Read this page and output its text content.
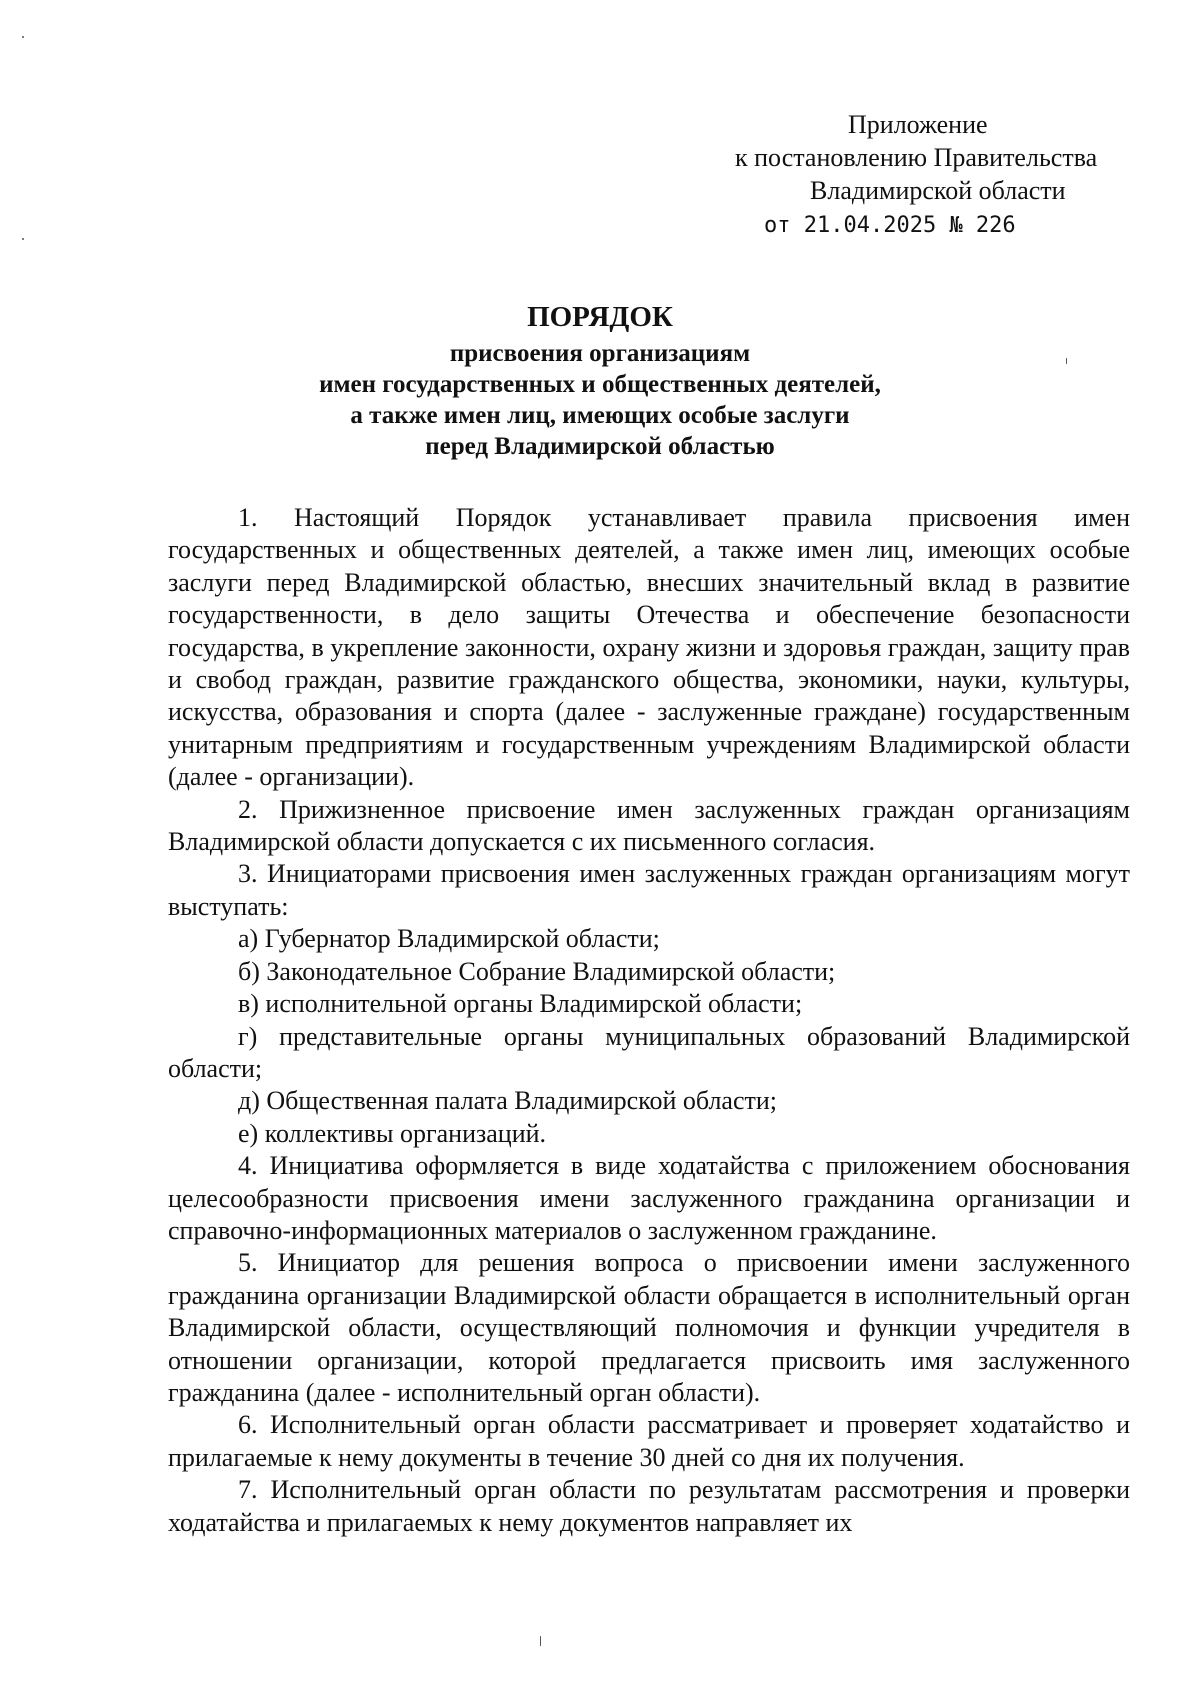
Приложение
к постановлению Правительства
Владимирской области
от 21.04.2025 № 226
ПОРЯДОК
присвоения организациям
имен государственных и общественных деятелей,
а также имен лиц, имеющих особые заслуги
перед Владимирской областью

1. Настоящий Порядок устанавливает правила присвоения имен государственных и общественных деятелей, а также имен лиц, имеющих особые заслуги перед Владимирской областью, внесших значительный вклад в развитие государственности, в дело защиты Отечества и обеспечение безопасности государства, в укрепление законности, охрану жизни и здоровья граждан, защиту прав и свобод граждан, развитие гражданского общества, экономики, науки, культуры, искусства, образования и спорта (далее - заслуженные граждане) государственным унитарным предприятиям и государственным учреждениям Владимирской области (далее - организации).

2. Прижизненное присвоение имен заслуженных граждан организациям Владимирской области допускается с их письменного согласия.

3. Инициаторами присвоения имен заслуженных граждан организациям могут выступать:

а) Губернатор Владимирской области;

б) Законодательное Собрание Владимирской области;

в) исполнительной органы Владимирской области;

г) представительные органы муниципальных образований Владимирской области;

д) Общественная палата Владимирской области;

е) коллективы организаций.

4. Инициатива оформляется в виде ходатайства с приложением обоснования целесообразности присвоения имени заслуженного гражданина организации и справочно-информационных материалов о заслуженном гражданине.

5. Инициатор для решения вопроса о присвоении имени заслуженного гражданина организации Владимирской области обращается в исполнительный орган Владимирской области, осуществляющий полномочия и функции учредителя в отношении организации, которой предлагается присвоить имя заслуженного гражданина (далее - исполнительный орган области).

6. Исполнительный орган области рассматривает и проверяет ходатайство и прилагаемые к нему документы в течение 30 дней со дня их получения.

7. Исполнительный орган области по результатам рассмотрения и проверки ходатайства и прилагаемых к нему документов направляет их
